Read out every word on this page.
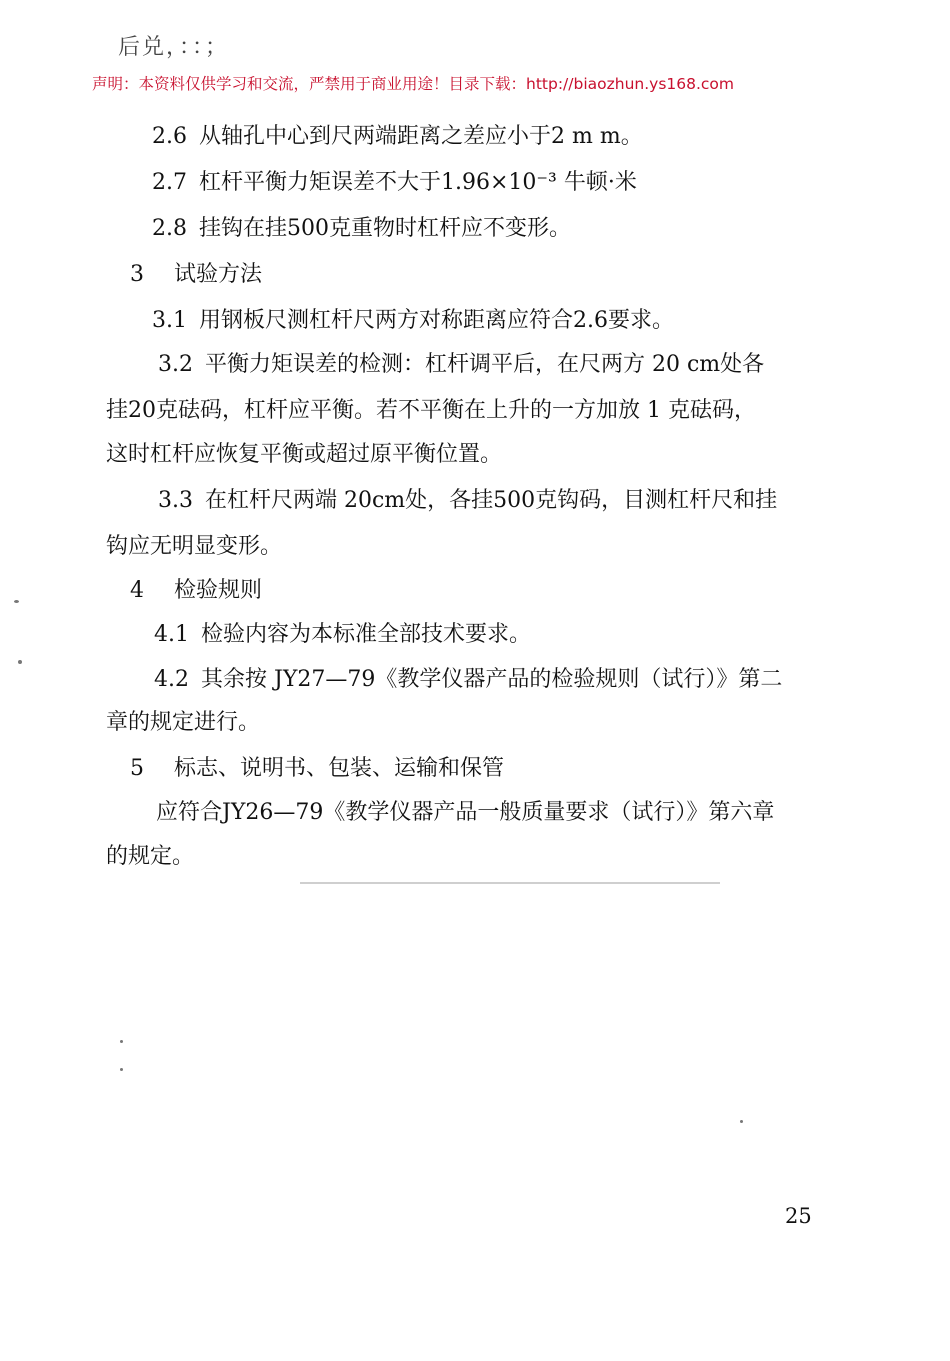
后兑，：：；
声明：本资料仅供学习和交流，严禁用于商业用途！目录下载：http://biaozhun.ys168.com
2.6 从轴孔中心到尺两端距离之差应小于2 m m。
2.7 杠杆平衡力矩误差不大于1.96×10⁻³ 牛顿·米
2.8 挂钩在挂500克重物时杠杆应不变形。
3 试验方法
3.1 用钢板尺测杠杆尺两方对称距离应符合2.6要求。
3.2 平衡力矩误差的检测：杠杆调平后，在尺两方 20 cm处各
挂20克砝码，杠杆应平衡。若不平衡在上升的一方加放 1 克砝码，
这时杠杆应恢复平衡或超过原平衡位置。
3.3 在杠杆尺两端 20cm处，各挂500克钩码，目测杠杆尺和挂
钩应无明显变形。
4 检验规则
4.1 检验内容为本标准全部技术要求。
4.2 其余按 JY27—79《教学仪器产品的检验规则（试行）》第二
章的规定进行。
5 标志、说明书、包装、运输和保管
应符合JY26—79《教学仪器产品一般质量要求（试行）》第六章
的规定。
25
